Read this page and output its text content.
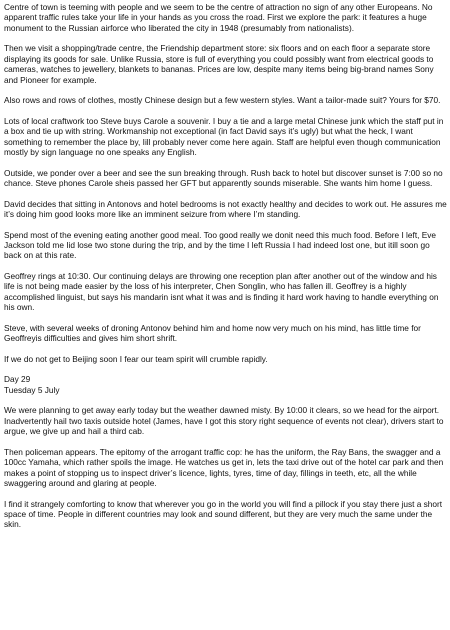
Centre of town is teeming with people and we seem to be the centre of attraction no sign of any other Europeans. No apparent traffic rules take your life in your hands as you cross the road. First we explore the park: it features a huge monument to the Russian airforce who liberated the city in 1948 (presumably from nationalists).

Then we visit a shopping/trade centre, the Friendship department store: six floors and on each floor a separate store displaying its goods for sale. Unlike Russia, store is full of everything you could possibly want from electrical goods to cameras, watches to jewellery, blankets to bananas. Prices are low, despite many items being big-brand names Sony and Pioneer for example.

Also rows and rows of clothes, mostly Chinese design but a few western styles. Want a tailor-made suit? Yours for $70.

Lots of local craftwork too Steve buys Carole a souvenir. I buy a tie and a large metal Chinese junk which the staff put in a box and tie up with string. Workmanship not exceptional (in fact David says it’s ugly) but what the heck, I want something to remember the place by, Iill probably never come here again. Staff are helpful even though communication mostly by sign language no one speaks any English.

Outside, we ponder over a beer and see the sun breaking through. Rush back to hotel but discover sunset is 7:00 so no chance. Steve phones Carole sheis passed her GFT but apparently sounds miserable. She wants him home I guess.

David decides that sitting in Antonovs and hotel bedrooms is not exactly healthy and decides to work out. He assures me it’s doing him good looks more like an imminent seizure from where I’m standing.

Spend most of the evening eating another good meal. Too good really we donit need this much food. Before I left, Eve Jackson told me Iid lose two stone during the trip, and by the time I left Russia I had indeed lost one, but itill soon go back on at this rate.

Geoffrey rings at 10:30. Our continuing delays are throwing one reception plan after another out of the window and his life is not being made easier by the loss of his interpreter, Chen Songlin, who has fallen ill. Geoffrey is a highly accomplished linguist, but says his mandarin isnt what it was and is finding it hard work having to handle everything on his own.

Steve, with several weeks of droning Antonov behind him and home now very much on his mind, has little time for Geoffreyis difficulties and gives him short shrift.

If we do not get to Beijing soon I fear our team spirit will crumble rapidly.

Day 29

Tuesday 5 July

We were planning to get away early today but the weather dawned misty. By 10:00 it clears, so we head for the airport. Inadvertently hail two taxis outside hotel (James, have I got this story right sequence of events not clear), drivers start to argue, we give up and hail a third cab.

Then policeman appears. The epitomy of the arrogant traffic cop: he has the uniform, the Ray Bans, the swagger and a 100cc Yamaha, which rather spoils the image. He watches us get in, lets the taxi drive out of the hotel car park and then makes a point of stopping us to inspect driver’s licence, lights, tyres, time of day, fillings in teeth, etc, all the while swaggering around and glaring at people.

I find it strangely comforting to know that wherever you go in the world you will find a pillock if you stay there just a short space of time. People in different countries may look and sound different, but they are very much the same under the skin.
